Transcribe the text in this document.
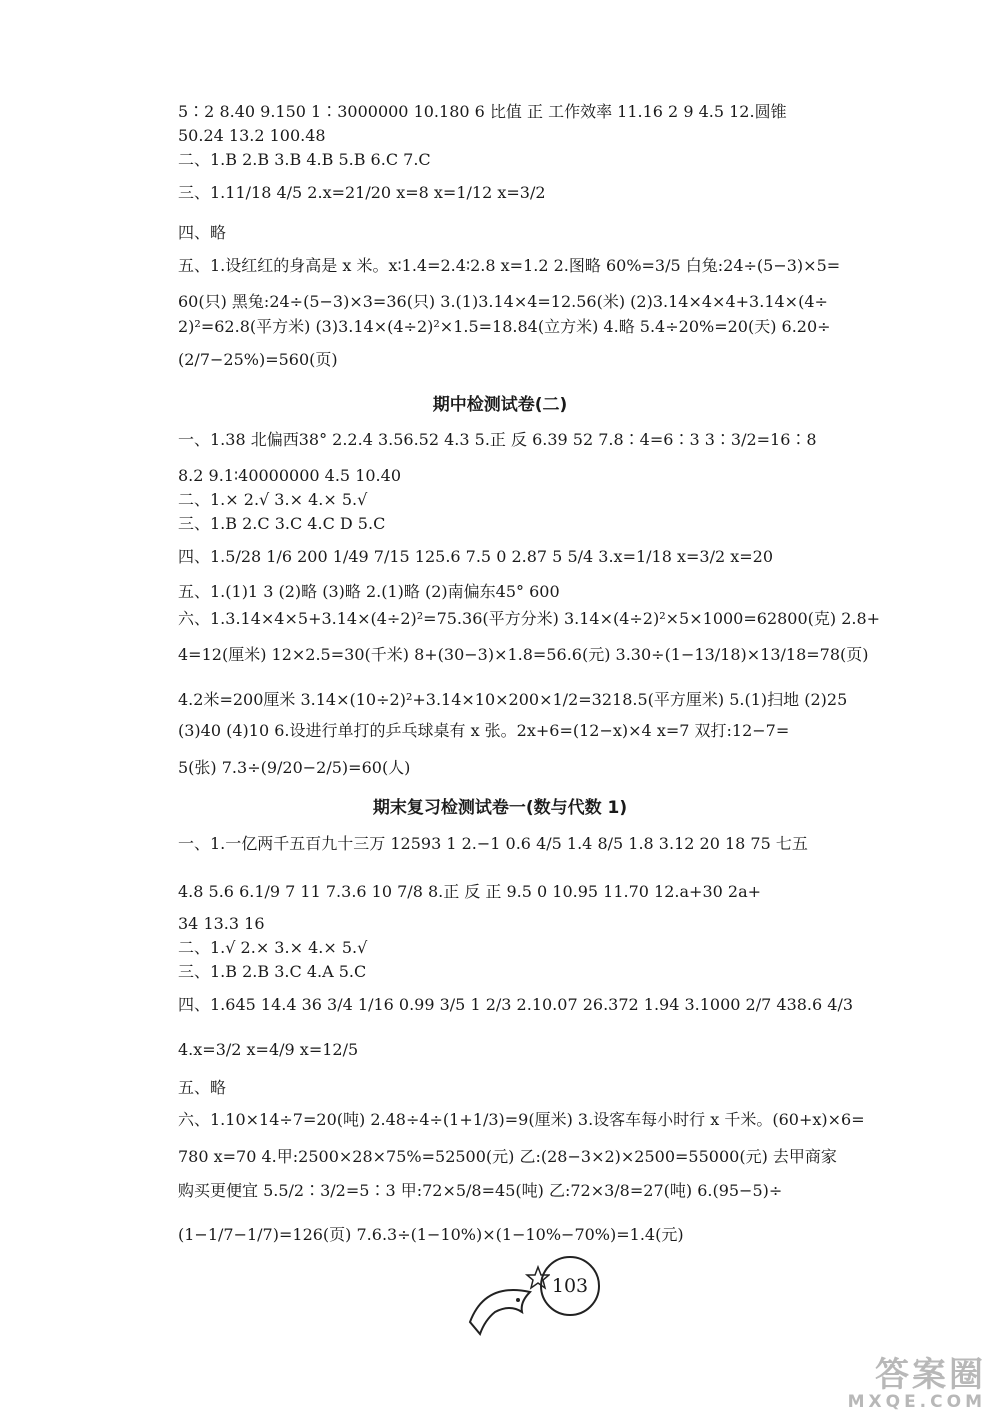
5∶2 8.40 9.150 1∶3000000 10.180 6 比值 正 工作效率 11.16 2 9 4.5 12.圆锥
50.24 13.2 100.48
二、1.B 2.B 3.B 4.B 5.B 6.C 7.C
三、1.11/18 4/5 2.x=21/20 x=8 x=1/12 x=3/2
四、略
五、1.设红红的身高是 x 米。x∶1.4=2.4∶2.8 x=1.2 2.图略 60%=3/5 白兔:24÷(5−3)×5=
60(只) 黑兔:24÷(5−3)×3=36(只) 3.(1)3.14×4=12.56(米) (2)3.14×4×4+3.14×(4÷
2)²=62.8(平方米) (3)3.14×(4÷2)²×1.5=18.84(立方米) 4.略 5.4÷20%=20(天) 6.20÷
(2/7−25%)=560(页)
一、1.38 北偏西38° 2.2.4 3.56.52 4.3 5.正 反 6.39 52 7.8∶4=6∶3 3∶3/2=16∶8
8.2 9.1∶40000000 4.5 10.40
二、1.× 2.√ 3.× 4.× 5.√
三、1.B 2.C 3.C 4.C D 5.C
四、1.5/28 1/6 200 1/49 7/15 125.6 7.5 0 2.87 5 5/4 3.x=1/18 x=3/2 x=20
五、1.(1)1 3 (2)略 (3)略 2.(1)略 (2)南偏东45° 600
六、1.3.14×4×5+3.14×(4÷2)²=75.36(平方分米) 3.14×(4÷2)²×5×1000=62800(克) 2.8+
4=12(厘米) 12×2.5=30(千米) 8+(30−3)×1.8=56.6(元) 3.30÷(1−13/18)×13/18=78(页)
4.2米=200厘米 3.14×(10÷2)²+3.14×10×200×1/2=3218.5(平方厘米) 5.(1)扫地 (2)25
(3)40 (4)10 6.设进行单打的乒乓球桌有 x 张。2x+6=(12−x)×4 x=7 双打:12−7=
5(张) 7.3÷(9/20−2/5)=60(人)
一、1.一亿两千五百九十三万 12593 1 2.−1 0.6 4/5 1.4 8/5 1.8 3.12 20 18 75 七五
4.8 5.6 6.1/9 7 11 7.3.6 10 7/8 8.正 反 正 9.5 0 10.95 11.70 12.a+30 2a+
34 13.3 16
二、1.√ 2.× 3.× 4.× 5.√
三、1.B 2.B 3.C 4.A 5.C
四、1.645 14.4 36 3/4 1/16 0.99 3/5 1 2/3 2.10.07 26.372 1.94 3.1000 2/7 438.6 4/3
4.x=3/2 x=4/9 x=12/5
五、略
六、1.10×14÷7=20(吨) 2.48÷4÷(1+1/3)=9(厘米) 3.设客车每小时行 x 千米。(60+x)×6=
780 x=70 4.甲:2500×28×75%=52500(元) 乙:(28−3×2)×2500=55000(元) 去甲商家
购买更便宜 5.5/2∶3/2=5∶3 甲:72×5/8=45(吨) 乙:72×3/8=27(吨) 6.(95−5)÷
(1−1/7−1/7)=126(页) 7.6.3÷(1−10%)×(1−10%−70%)=1.4(元)
期中检测试卷(二)
期末复习检测试卷一(数与代数 1)
103
答案圈
MXQE.COM
